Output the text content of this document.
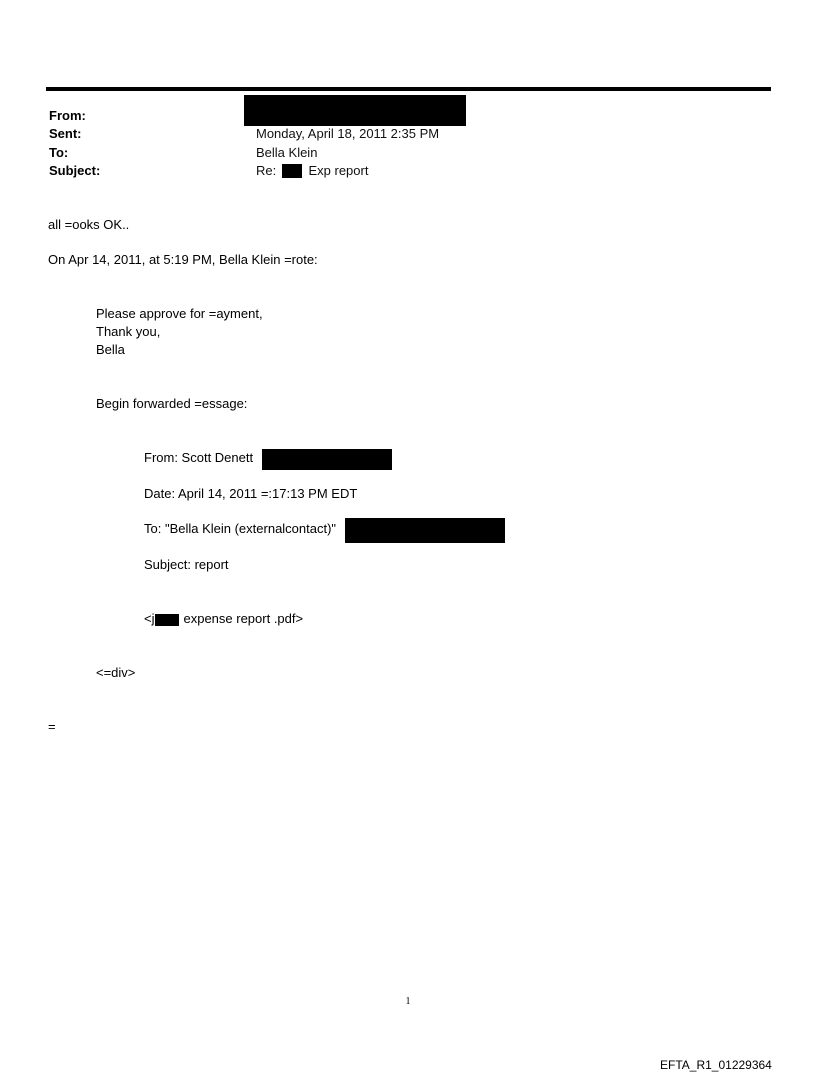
From:
Sent:	Monday, April 18, 2011 2:35 PM
To:	Bella Klein
Subject:	Re: Exp report
all =ooks OK..
On Apr 14, 2011, at 5:19 PM, Bella Klein =rote:
Please approve for =ayment,
Thank you,
Bella
Begin forwarded =essage:
From: Scott Denett
Date: April 14, 2011 =:17:13 PM EDT
To: "Bella Klein (externalcontact)"
Subject: report
<j expense report .pdf>
<=div>
=
1
EFTA_R1_01229364
